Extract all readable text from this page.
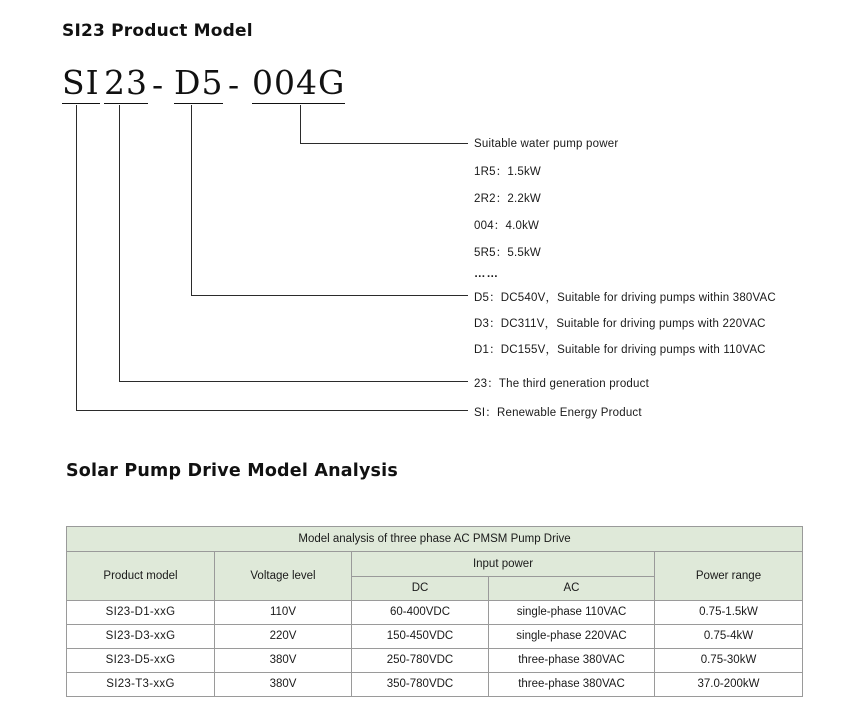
SI23 Product Model
SI 23 - D5 - 004G
Suitable water pump power
1R5：1.5kW
2R2：2.2kW
004：4.0kW
5R5：5.5kW
……
D5：DC540V，Suitable for driving pumps within 380VAC
D3：DC311V，Suitable for driving pumps with 220VAC
D1：DC155V，Suitable for driving pumps with 110VAC
23：The third generation product
SI：Renewable Energy Product
Solar Pump Drive Model Analysis
Model analysis of three phase AC PMSM Pump Drive				
Product model	Voltage level	Input power		Power range
		DC	AC	
SI23-D1-xxG	110V	60-400VDC	single-phase 110VAC	0.75-1.5kW
SI23-D3-xxG	220V	150-450VDC	single-phase 220VAC	0.75-4kW
SI23-D5-xxG	380V	250-780VDC	three-phase 380VAC	0.75-30kW
SI23-T3-xxG	380V	350-780VDC	three-phase 380VAC	37.0-200kW
